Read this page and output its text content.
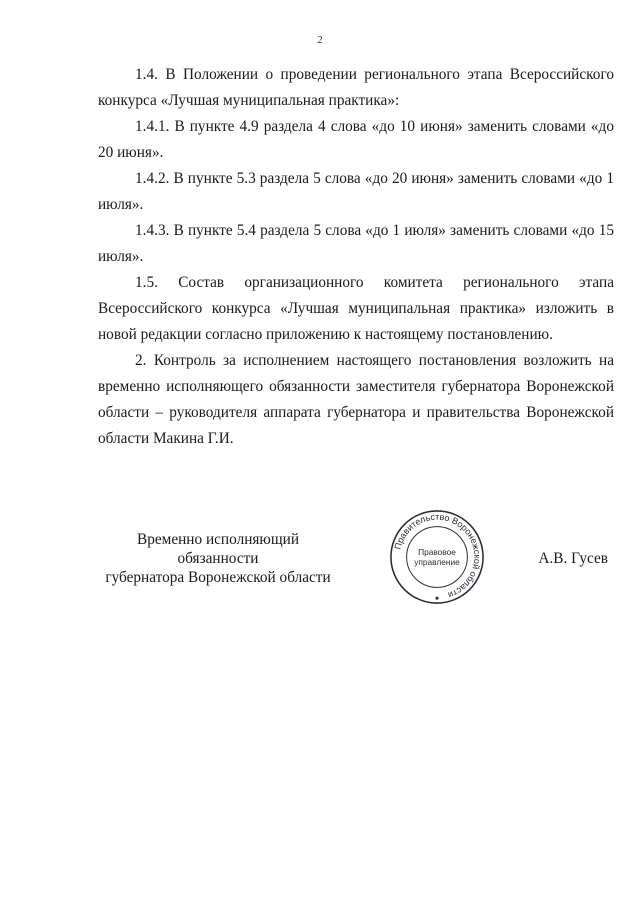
2

1.4. В Положении о проведении регионального этапа Всероссийского конкурса «Лучшая муниципальная практика»:

1.4.1. В пункте 4.9 раздела 4 слова «до 10 июня» заменить словами «до 20 июня».

1.4.2. В пункте 5.3 раздела 5 слова «до 20 июня» заменить словами «до 1 июля».

1.4.3. В пункте 5.4 раздела 5 слова «до 1 июля» заменить словами «до 15 июля».

1.5. Состав организационного комитета регионального этапа Всероссийского конкурса «Лучшая муниципальная практика» изложить в новой редакции согласно приложению к настоящему постановлению.

2. Контроль за исполнением настоящего постановления возложить на временно исполняющего обязанности заместителя губернатора Воронежской области – руководителя аппарата губернатора и правительства Воронежской области Макина Г.И.

Временно исполняющий обязанности
губернатора Воронежской области
Правительство Воронежской области
Правовое
управление	А.В. Гусев
